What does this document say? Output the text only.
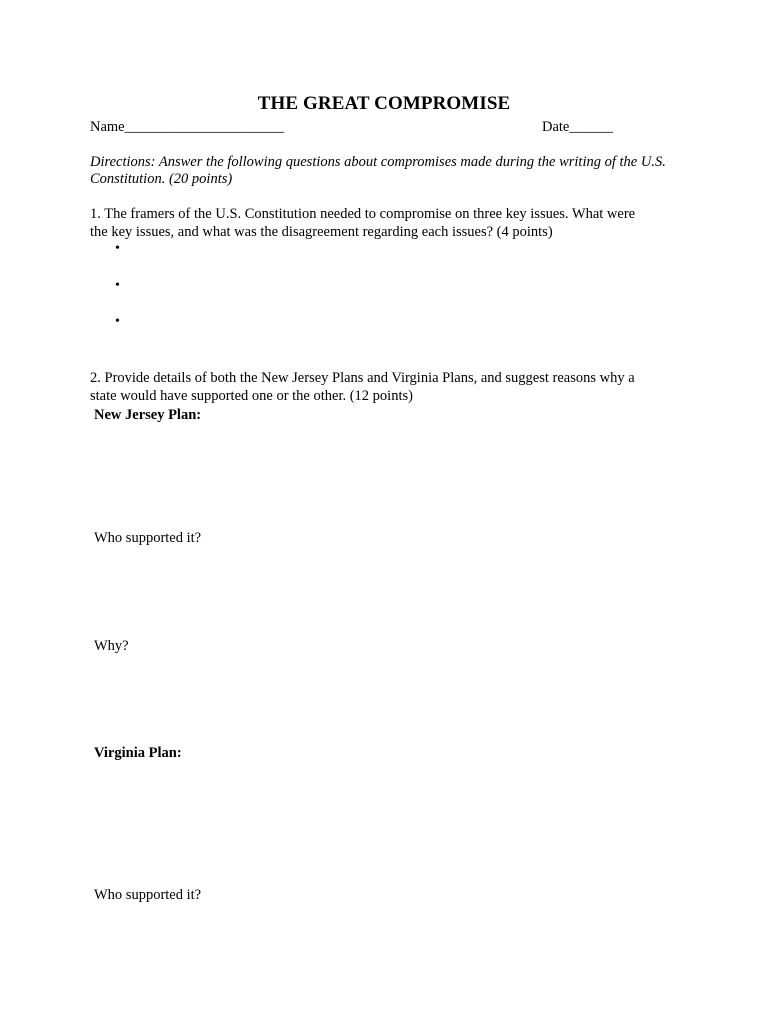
THE GREAT COMPROMISE
Name______________________	Date______
Directions: Answer the following questions about compromises made during the writing of the U.S.
Constitution. (20 points)
1. The framers of the U.S. Constitution needed to compromise on three key issues. What were
the key issues, and what was the disagreement regarding each issues? (4 points)
•
•
•
2. Provide details of both the New Jersey Plans and Virginia Plans, and suggest reasons why a
state would have supported one or the other. (12 points)
New Jersey Plan:
Who supported it?
Why?
Virginia Plan:
Who supported it?
